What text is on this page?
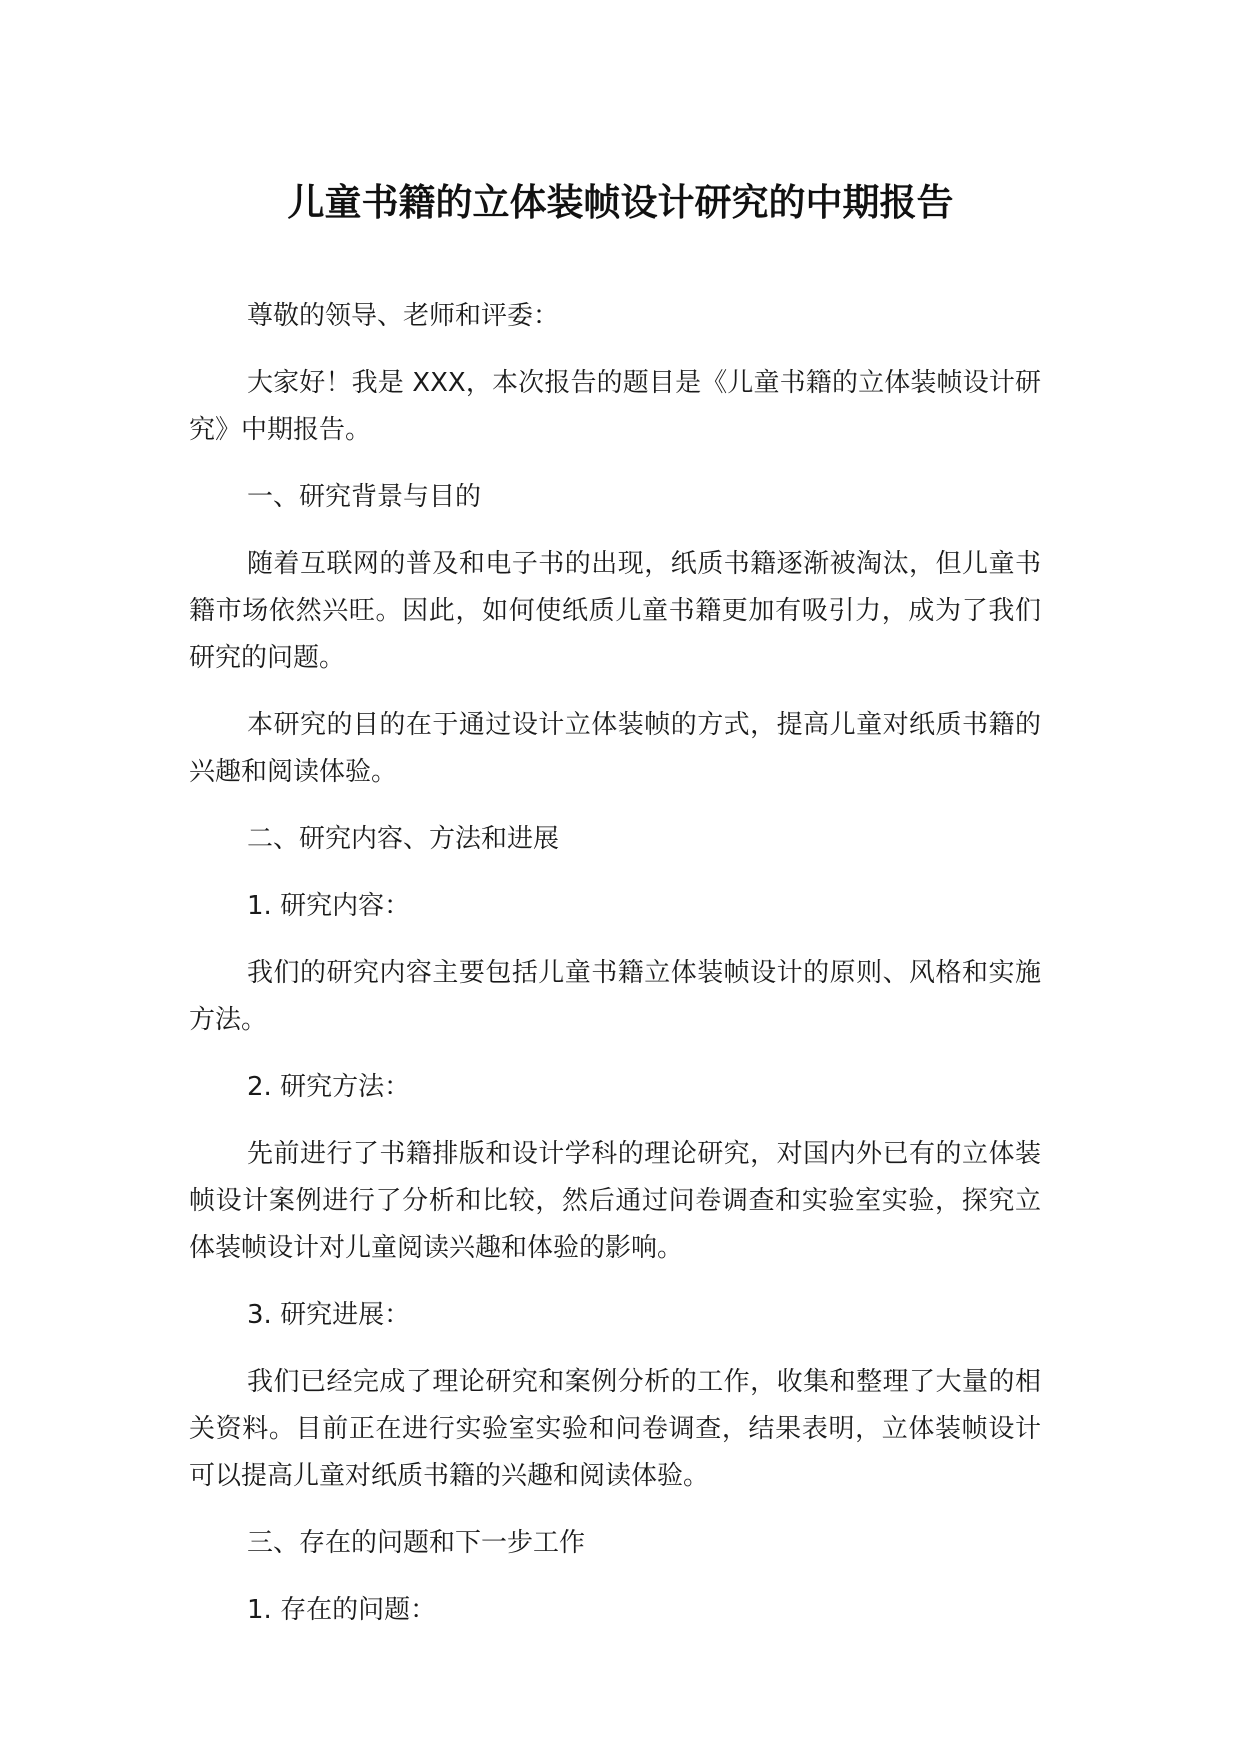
儿童书籍的立体装帧设计研究的中期报告

尊敬的领导、老师和评委：

大家好！我是 XXX，本次报告的题目是《儿童书籍的立体装帧设计研究》中期报告。

一、研究背景与目的

随着互联网的普及和电子书的出现，纸质书籍逐渐被淘汰，但儿童书籍市场依然兴旺。因此，如何使纸质儿童书籍更加有吸引力，成为了我们研究的问题。

本研究的目的在于通过设计立体装帧的方式，提高儿童对纸质书籍的兴趣和阅读体验。

二、研究内容、方法和进展

1. 研究内容：

我们的研究内容主要包括儿童书籍立体装帧设计的原则、风格和实施方法。

2. 研究方法：

先前进行了书籍排版和设计学科的理论研究，对国内外已有的立体装帧设计案例进行了分析和比较，然后通过问卷调查和实验室实验，探究立体装帧设计对儿童阅读兴趣和体验的影响。

3. 研究进展：

我们已经完成了理论研究和案例分析的工作，收集和整理了大量的相关资料。目前正在进行实验室实验和问卷调查，结果表明，立体装帧设计可以提高儿童对纸质书籍的兴趣和阅读体验。

三、存在的问题和下一步工作

1. 存在的问题：
